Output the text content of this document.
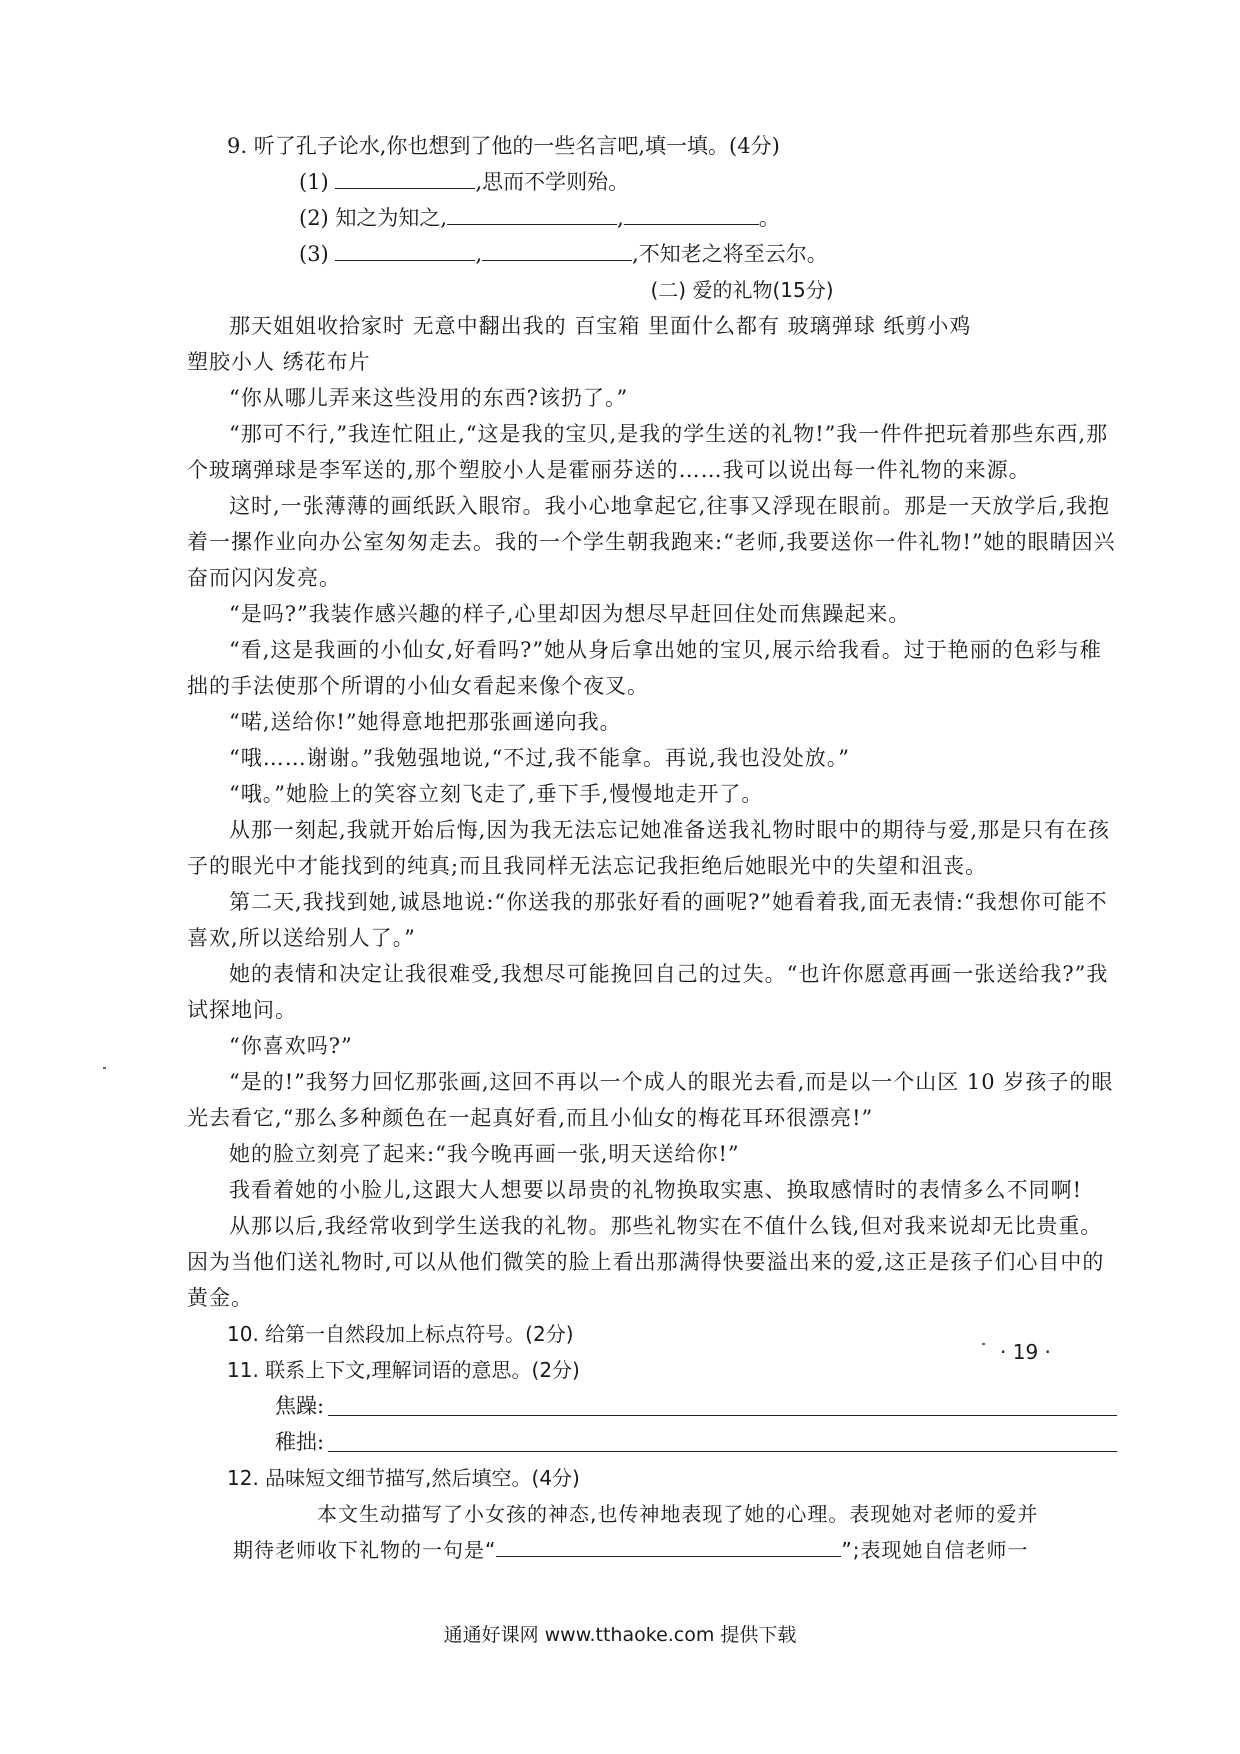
9. 听了孔子论水,你也想到了他的一些名言吧,填一填。(4分)
(1)	,思而不学则殆。
(2) 知之为知之,	,	。
(3)	,	,不知老之将至云尔。
(二) 爱的礼物(15分)

那天姐姐收拾家时 无意中翻出我的 百宝箱 里面什么都有 玻璃弹球 纸剪小鸡

塑胶小人 绣花布片

“你从哪儿弄来这些没用的东西?该扔了。”

“那可不行,”我连忙阻止,“这是我的宝贝,是我的学生送的礼物!”我一件件把玩着那些东西,那个玻璃弹球是李军送的,那个塑胶小人是霍丽芬送的……我可以说出每一件礼物的来源。

这时,一张薄薄的画纸跃入眼帘。我小心地拿起它,往事又浮现在眼前。那是一天放学后,我抱着一摞作业向办公室匆匆走去。我的一个学生朝我跑来:“老师,我要送你一件礼物!”她的眼睛因兴奋而闪闪发亮。

“是吗?”我装作感兴趣的样子,心里却因为想尽早赶回住处而焦躁起来。

“看,这是我画的小仙女,好看吗?”她从身后拿出她的宝贝,展示给我看。过于艳丽的色彩与稚拙的手法使那个所谓的小仙女看起来像个夜叉。

“喏,送给你!”她得意地把那张画递向我。

“哦……谢谢。”我勉强地说,“不过,我不能拿。再说,我也没处放。”

“哦。”她脸上的笑容立刻飞走了,垂下手,慢慢地走开了。

从那一刻起,我就开始后悔,因为我无法忘记她准备送我礼物时眼中的期待与爱,那是只有在孩子的眼光中才能找到的纯真;而且我同样无法忘记我拒绝后她眼光中的失望和沮丧。

第二天,我找到她,诚恳地说:“你送我的那张好看的画呢?”她看着我,面无表情:“我想你可能不喜欢,所以送给别人了。”

她的表情和决定让我很难受,我想尽可能挽回自己的过失。“也许你愿意再画一张送给我?”我试探地问。

“你喜欢吗?”

“是的!”我努力回忆那张画,这回不再以一个成人的眼光去看,而是以一个山区 10 岁孩子的眼光去看它,“那么多种颜色在一起真好看,而且小仙女的梅花耳环很漂亮!”

她的脸立刻亮了起来:“我今晚再画一张,明天送给你!”

我看着她的小脸儿,这跟大人想要以昂贵的礼物换取实惠、换取感情时的表情多么不同啊!

从那以后,我经常收到学生送我的礼物。那些礼物实在不值什么钱,但对我来说却无比贵重。因为当他们送礼物时,可以从他们微笑的脸上看出那满得快要溢出来的爱,这正是孩子们心目中的黄金。

10. 给第一自然段加上标点符号。(2分)
11. 联系上下文,理解词语的意思。(2分)
焦躁:
稚拙:
12. 品味短文细节描写,然后填空。(4分)
本文生动描写了小女孩的神态,也传神地表现了她的心理。表现她对老师的爱并
期待老师收下礼物的一句是“	”;表现她自信老师一
· 19 ·
通通好课网 www.tthaoke.com 提供下载
